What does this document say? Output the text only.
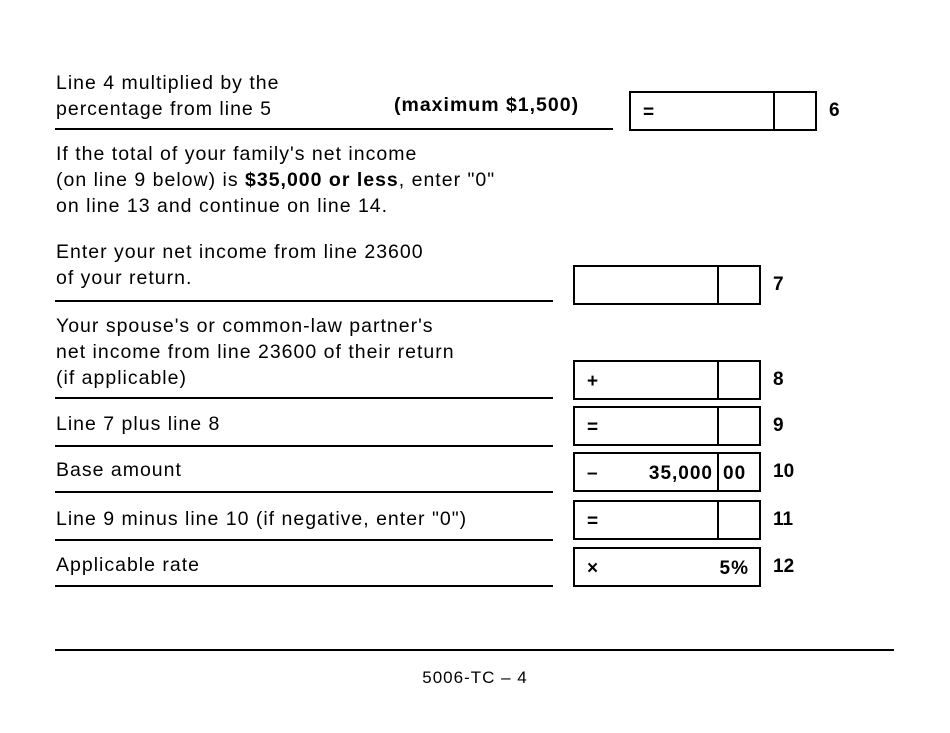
Line 4 multiplied by the
percentage from line 5	(maximum $1,500)	=	6
If the total of your family's net income
(on line 9 below) is $35,000 or less, enter "0"
on line 13 and continue on line 14.
Enter your net income from line 23600
of your return.	7
Your spouse's or common-law partner's
net income from line 23600 of their return
(if applicable)	+	8
Line 7 plus line 8	=	9
Base amount	–	35,000 00 10
Line 9 minus line 10 (if negative, enter "0")	=	11
Applicable rate	×	5% 12
5006-TC – 4
